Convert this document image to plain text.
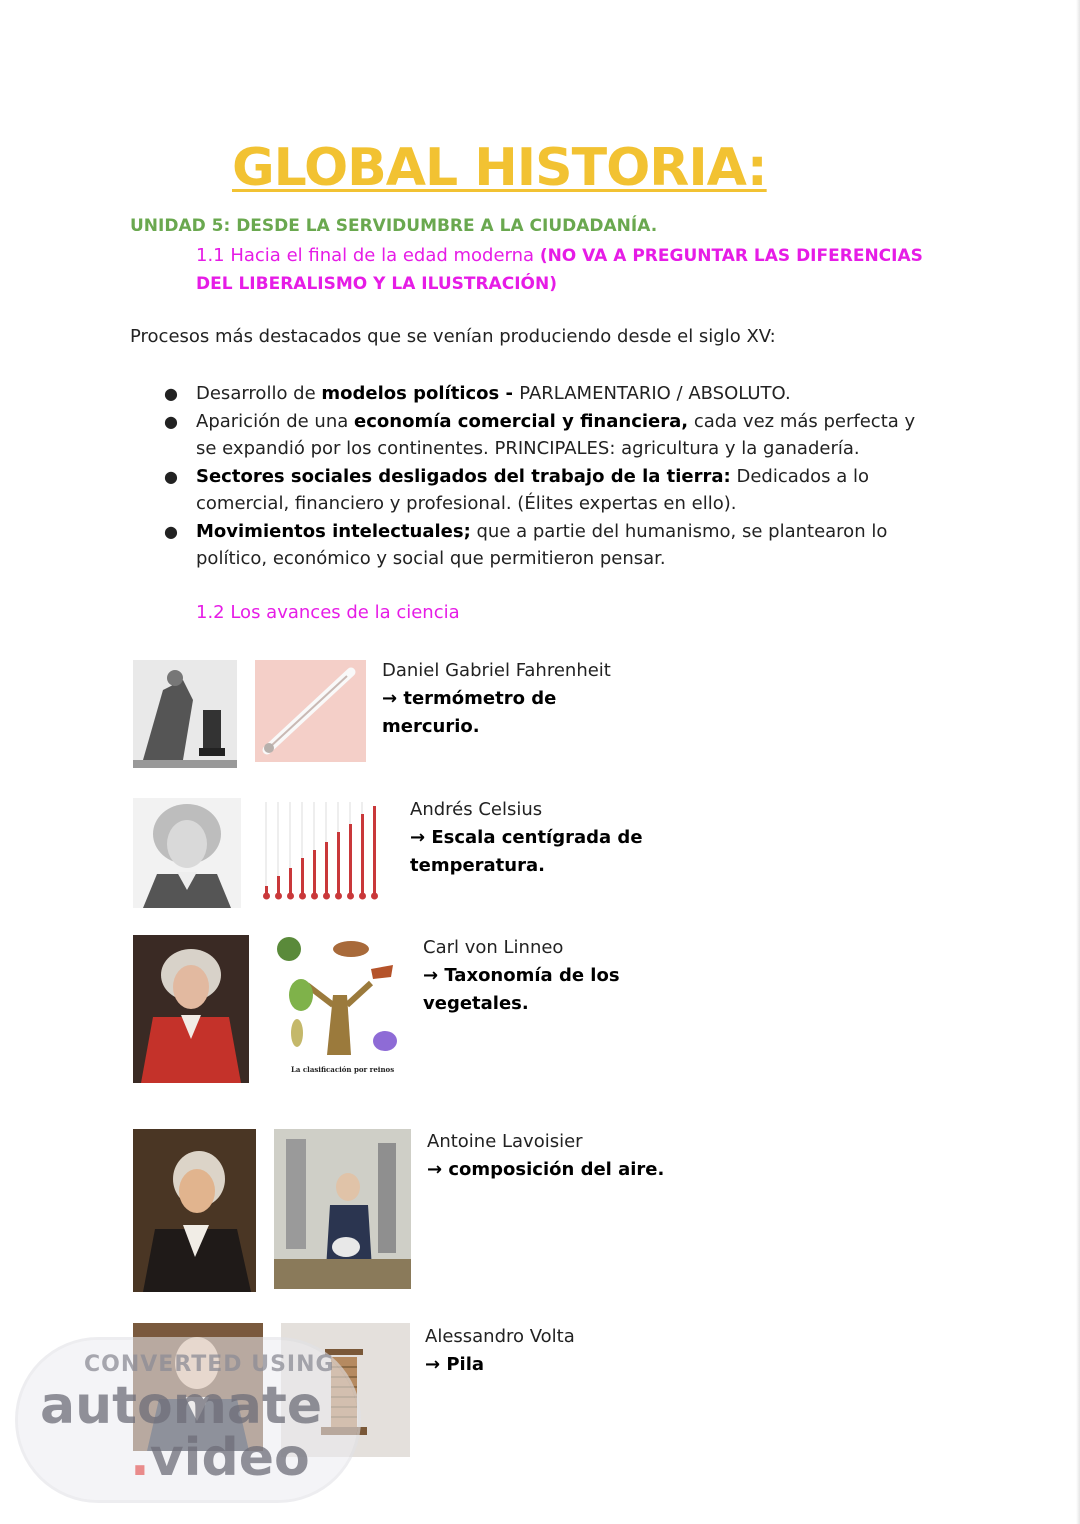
GLOBAL HISTORIA:

UNIDAD 5: DESDE LA SERVIDUMBRE A LA CIUDADANÍA.

1.1 Hacia el final de la edad moderna (NO VA A PREGUNTAR LAS DIFERENCIAS DEL LIBERALISMO Y LA ILUSTRACIÓN)

Procesos más destacados que se venían produciendo desde el siglo XV:

● Desarrollo de modelos políticos - PARLAMENTARIO / ABSOLUTO.
● Aparición de una economía comercial y financiera, cada vez más perfecta y se expandió por los continentes. PRINCIPALES: agricultura y la ganadería.
● Sectores sociales desligados del trabajo de la tierra: Dedicados a lo comercial, financiero y profesional. (Élites expertas en ello).
● Movimientos intelectuales; que a partie del humanismo, se plantearon lo político, económico y social que permitieron pensar.

1.2 Los avances de la ciencia

Daniel Gabriel Fahrenheit
→ termómetro de mercurio.
Andrés Celsius
→ Escala centígrada de temperatura.
La clasificación por reinos
Carl von Linneo
→ Taxonomía de los vegetales.
Antoine Lavoisier
→ composición del aire.
Alessandro Volta
→ Pila
CONVERTED USING
automate
.video
